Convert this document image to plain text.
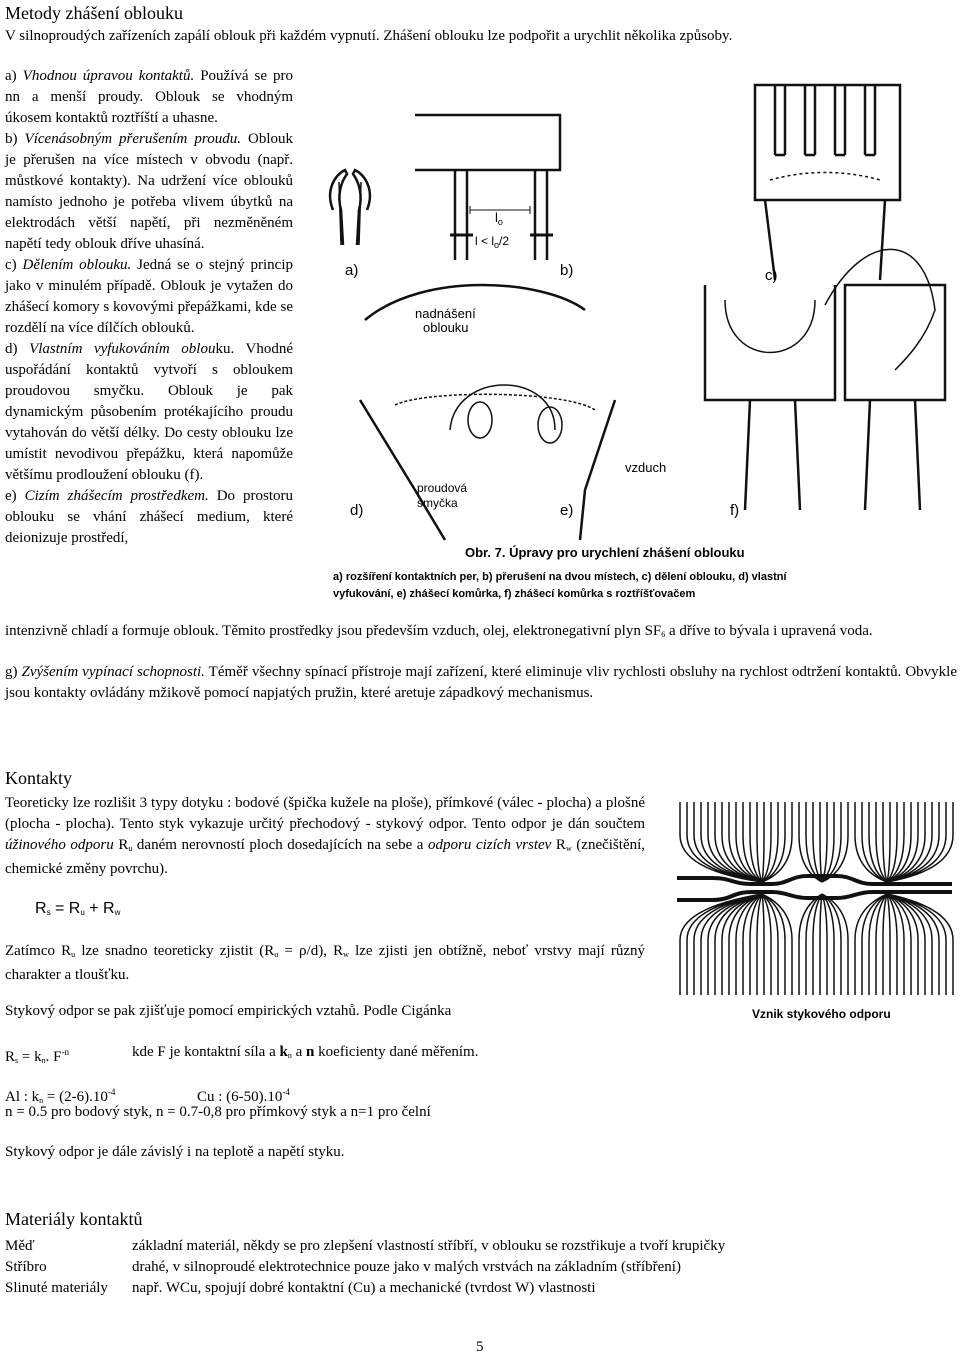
Metody zhášení oblouku
V silnoproudých zařízeních zapálí oblouk při každém vypnutí. Zhášení oblouku lze podpořit a urychlit několika způsoby.

a) Vhodnou úpravou kontaktů. Používá se pro nn a menší proudy. Oblouk se vhodným úkosem kontaktů roztříští a uhasne.

b) Vícenásobným přerušením proudu. Oblouk je přerušen na více místech v obvodu (např. můstkové kontakty). Na udržení více oblouků namísto jednoho je potřeba vlivem úbytků na elektrodách větší napětí, při nezměněném napětí tedy oblouk dříve uhasíná.

c) Dělením oblouku. Jedná se o stejný princip jako v minulém případě. Oblouk je vytažen do zhášecí komory s kovovými přepážkami, kde se rozdělí na více dílčích oblouků.

d) Vlastním vyfukováním oblouku. Vhodné uspořádání kontaktů vytvoří s obloukem proudovou smyčku. Oblouk je pak dynamickým působením protékajícího proudu vytahován do větší délky. Do cesty oblouku lze umístit nevodivou přepážku, která napomůže většímu prodloužení oblouku (f).

e) Cizím zhášecím prostředkem. Do prostoru oblouku se vhání zhášecí medium, které deionizuje prostředí,

intenzivně chladí a formuje oblouk. Těmito prostředky jsou především vzduch, olej, elektronegativní plyn $SF_6$ a dříve to bývala i upravená voda.
g) Zvýšením vypínací schopnosti. Téměř všechny spínací přístroje mají zařízení, které eliminuje vliv rychlosti obsluhy na rychlost odtržení kontaktů. Obvykle jsou kontakty ovládány mžikově pomocí napjatých pružin, které aretuje západkový mechanismus.
a)	b)	c)
d)	e)	f)
$l_o$
$l < l_o/2$
nadnášení
oblouku
vzduch
proudová
smyčka
Obr. 7. Úpravy pro urychlení zhášení oblouku
a) rozšíření kontaktních per, b) přerušení na dvou místech, c) dělení oblouku, d) vlastní
vyfukování, e) zhášecí komůrka, f) zhášecí komůrka s roztříšťovačem
Kontakty
Teoreticky lze rozlišit 3 typy dotyku : bodové (špička kužele na ploše), přímkové (válec - plocha) a plošné (plocha - plocha). Tento styk vykazuje určitý přechodový - stykový odpor. Tento odpor je dán součtem úžinového odporu $R_u$ daném nerovností ploch dosedajících na sebe a odporu cizích vrstev $R_w$ (znečištění, chemické změny povrchu).
$R_s = R_u + R_w$
Zatímco $R_u$ lze snadno teoreticky zjistit $(R_u = \rho/d)$, $R_w$ lze zjisti jen obtížně, neboť vrstvy mají různý charakter a tloušťku.
Stykový odpor se pak zjišťuje pomocí empirických vztahů. Podle Cigánka
$R_s = k_n$. $F^{-n}$	kde F je kontaktní síla a $k_n$ a n koeficienty dané měřením.
Al : $k_n = (2-6).10^{-4}$	Cu : $(6-50).10^{-4}$
n = 0.5 pro bodový styk, n = 0.7-0,8 pro přímkový styk a n=1 pro čelní
Stykový odpor je dále závislý i na teplotě a napětí styku.
Vznik stykového odporu
Materiály kontaktů
Měď	základní materiál, někdy se pro zlepšení vlastností stříbří, v oblouku se rozstřikuje a tvoří krupičky
Stříbro	drahé, v silnoproudé elektrotechnice pouze jako v malých vrstvách na základním (stříbření)
Slinuté materiály	např. WCu, spojují dobré kontaktní (Cu) a mechanické (tvrdost W) vlastnosti
5
